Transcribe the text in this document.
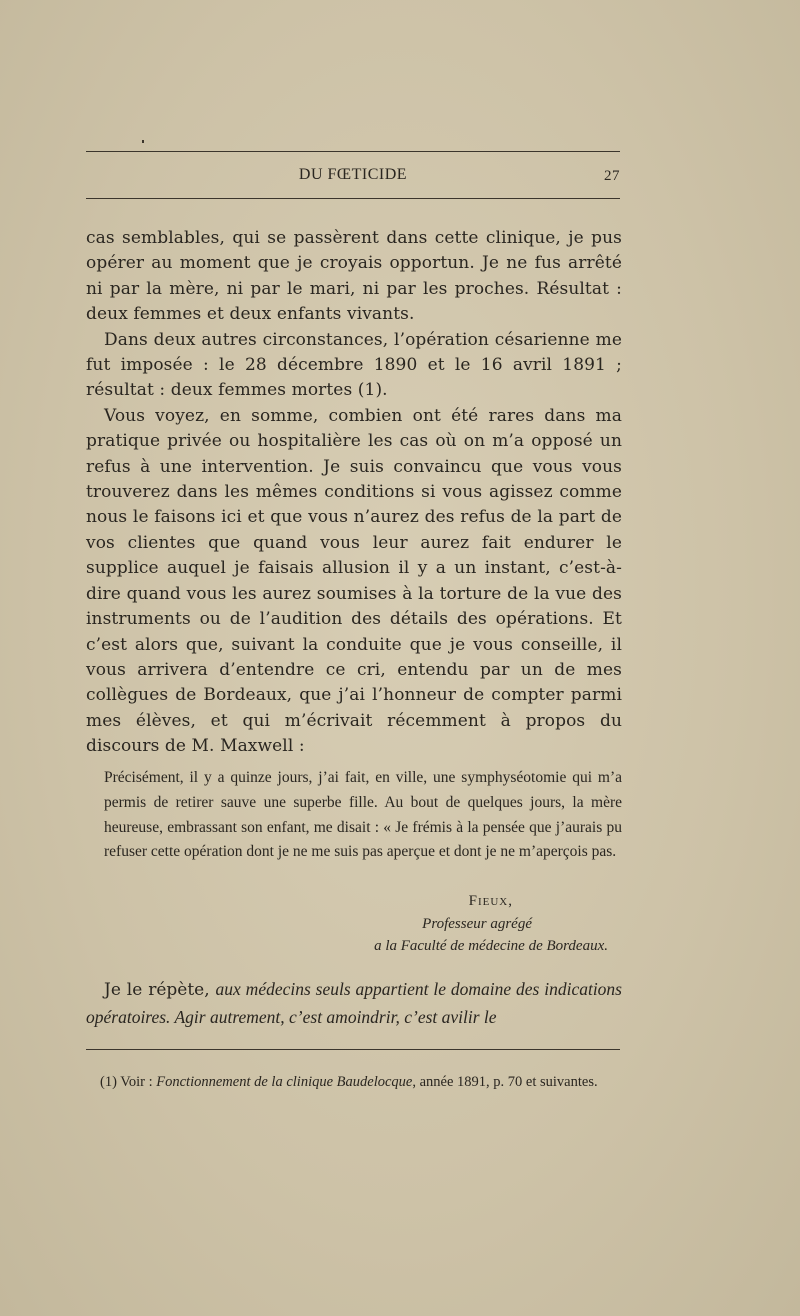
DU FŒTICIDE	27

cas semblables, qui se passèrent dans cette clinique, je pus opérer au moment que je croyais opportun. Je ne fus arrêté ni par la mère, ni par le mari, ni par les proches. Résultat : deux femmes et deux enfants vivants.

Dans deux autres circonstances, l’opération césarienne me fut imposée : le 28 décembre 1890 et le 16 avril 1891 ; résultat : deux femmes mortes (1).

Vous voyez, en somme, combien ont été rares dans ma pratique privée ou hospitalière les cas où on m’a opposé un refus à une intervention. Je suis convaincu que vous vous trouverez dans les mêmes conditions si vous agissez comme nous le faisons ici et que vous n’aurez des refus de la part de vos clientes que quand vous leur aurez fait endurer le supplice auquel je faisais allusion il y a un instant, c’est-à-dire quand vous les aurez soumises à la torture de la vue des instruments ou de l’audition des détails des opérations. Et c’est alors que, suivant la conduite que je vous conseille, il vous arrivera d’entendre ce cri, entendu par un de mes collègues de Bordeaux, que j’ai l’honneur de compter parmi mes élèves, et qui m’écrivait récemment à propos du discours de M. Maxwell :

Précisément, il y a quinze jours, j’ai fait, en ville, une symphyséotomie qui m’a permis de retirer sauve une superbe fille. Au bout de quelques jours, la mère heureuse, embrassant son enfant, me disait : « Je frémis à la pensée que j’aurais pu refuser cette opération dont je ne me suis pas aperçue et dont je ne m’aperçois pas.

Fieux,
Professeur agrégé
a la Faculté de médecine de Bordeaux.

Je le répète, aux médecins seuls appartient le domaine des indications opératoires. Agir autrement, c’est amoindrir, c’est avilir le

(1) Voir : Fonctionnement de la clinique Baudelocque, année 1891, p. 70 et suivantes.
